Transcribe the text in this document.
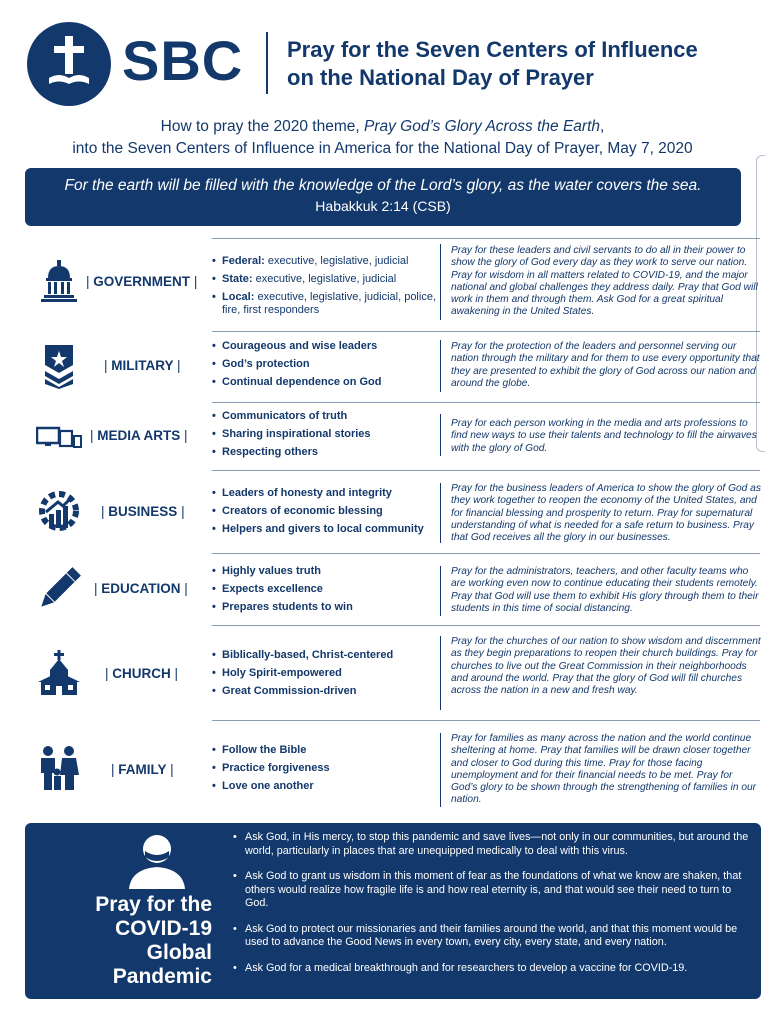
SBC Pray for the Seven Centers of Influence
on the National Day of Prayer
How to pray the 2020 theme, Pray God’s Glory Across the Earth,
into the Seven Centers of Influence in America for the National Day of Prayer, May 7, 2020
For the earth will be filled with the knowledge of the Lord’s glory, as the water covers the sea.
Habakkuk 2:14 (CSB)
| GOVERNMENT |
• Federal: executive, legislative, judicial
• State: executive, legislative, judicial
• Local: executive, legislative, judicial, police, fire, first responders
Pray for these leaders and civil servants to do all in their power to show the glory of God every day as they work to serve our nation. Pray for wisdom in all matters related to COVID-19, and the major national and global challenges they address daily. Pray that God will work in them and through them. Ask God for a great spiritual awakening in the United States.
| MILITARY |
• Courageous and wise leaders
• God’s protection
• Continual dependence on God
Pray for the protection of the leaders and personnel serving our nation through the military and for them to use every opportunity that they are presented to exhibit the glory of God across our nation and around the globe.
| MEDIA ARTS |
• Communicators of truth
• Sharing inspirational stories
• Respecting others
Pray for each person working in the media and arts professions to find new ways to use their talents and technology to fill the airwaves with the glory of God.
| BUSINESS |
• Leaders of honesty and integrity
• Creators of economic blessing
• Helpers and givers to local community
Pray for the business leaders of America to show the glory of God as they work together to reopen the economy of the United States, and for financial blessing and prosperity to return. Pray for supernatural understanding of what is needed for a safe return to business. Pray that God receives all the glory in our businesses.
| EDUCATION |
• Highly values truth
• Expects excellence
• Prepares students to win
Pray for the administrators, teachers, and other faculty teams who are working even now to continue educating their students remotely. Pray that God will use them to exhibit His glory through them to their students in this time of social distancing.
| CHURCH |
• Biblically-based, Christ-centered
• Holy Spirit-empowered
• Great Commission-driven
Pray for the churches of our nation to show wisdom and discernment as they begin preparations to reopen their church buildings. Pray for churches to live out the Great Commission in their neighborhoods and around the world. Pray that the glory of God will fill churches across the nation in a new and fresh way.
| FAMILY |
• Follow the Bible
• Practice forgiveness
• Love one another
Pray for families as many across the nation and the world continue sheltering at home. Pray that families will be drawn closer together and closer to God during this time. Pray for those facing unemployment and for their financial needs to be met. Pray for God’s glory to be shown through the strengthening of families in our nation.
Pray for the
COVID-19
Global
Pandemic
• Ask God, in His mercy, to stop this pandemic and save lives—not only in our communities, but around the world, particularly in places that are unequipped medically to deal with this virus.
• Ask God to grant us wisdom in this moment of fear as the foundations of what we know are shaken, that others would realize how fragile life is and how real eternity is, and that would see their need to turn to God.
• Ask God to protect our missionaries and their families around the world, and that this moment would be used to advance the Good News in every town, every city, every state, and every nation.
• Ask God for a medical breakthrough and for researchers to develop a vaccine for COVID-19.
